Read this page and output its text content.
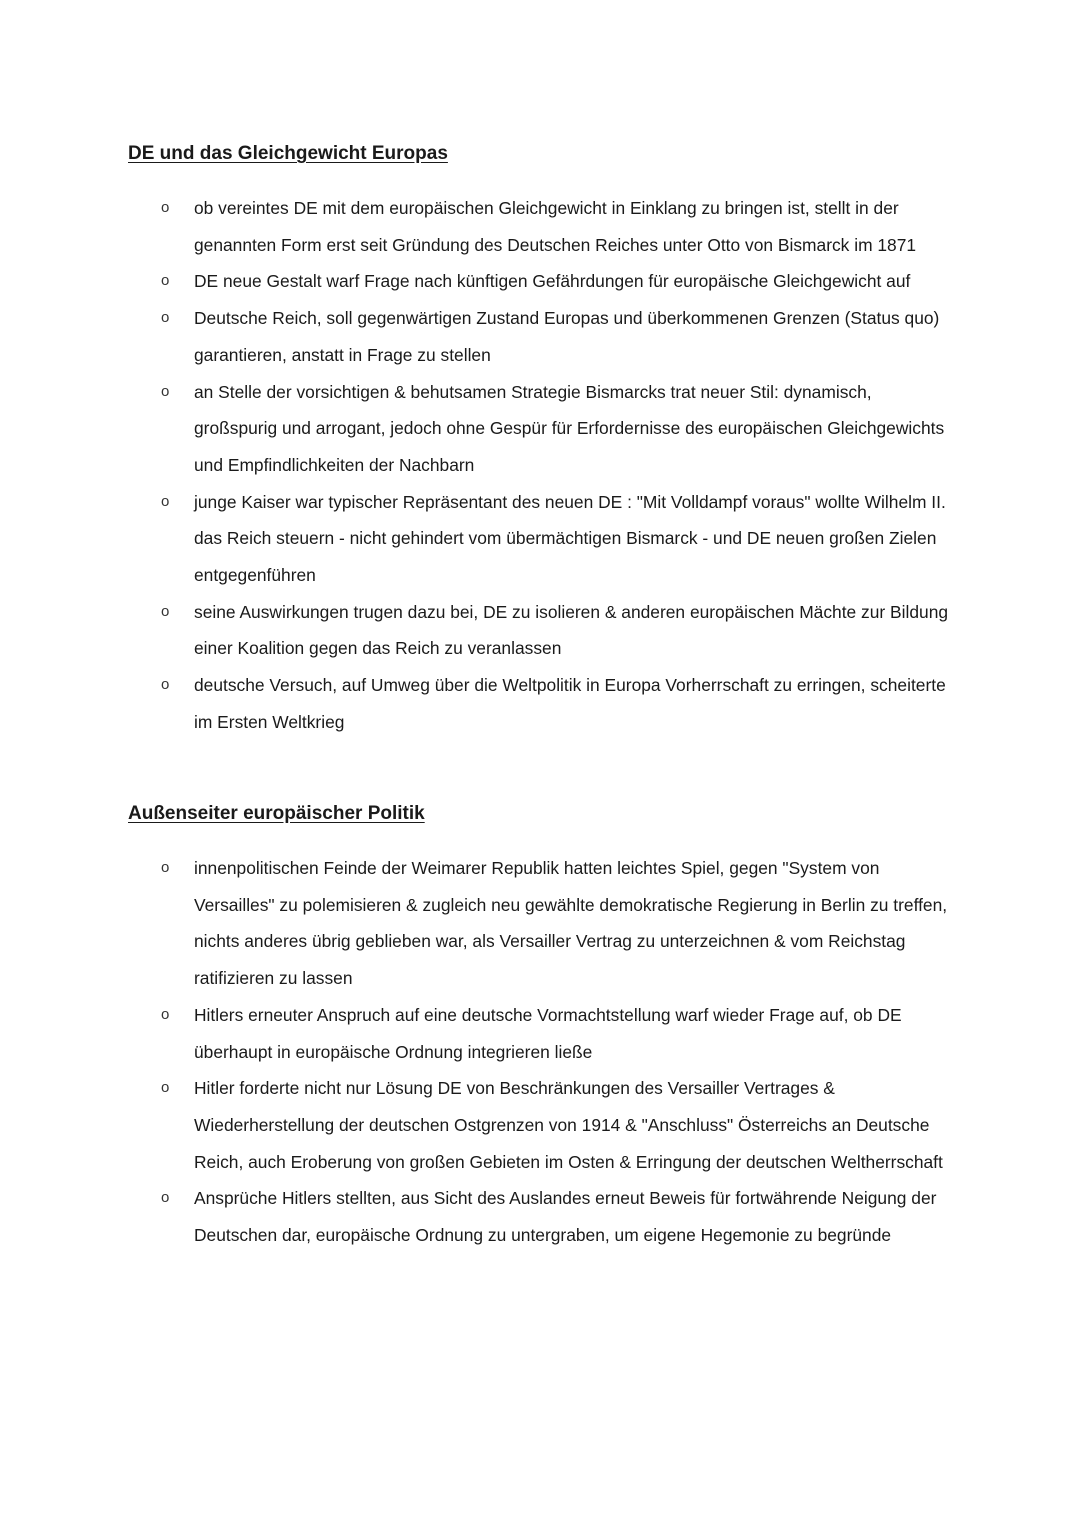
DE und das Gleichgewicht Europas
o ob vereintes DE mit dem europäischen Gleichgewicht in Einklang zu bringen ist, stellt in der genannten Form erst seit Gründung des Deutschen Reiches unter Otto von Bismarck im 1871
o DE neue Gestalt warf Frage nach künftigen Gefährdungen für europäische Gleichgewicht auf
o Deutsche Reich, soll gegenwärtigen Zustand Europas und überkommenen Grenzen (Status quo) garantieren, anstatt in Frage zu stellen
o an Stelle der vorsichtigen & behutsamen Strategie Bismarcks trat neuer Stil: dynamisch, großspurig und arrogant, jedoch ohne Gespür für Erfordernisse des europäischen Gleichgewichts und Empfindlichkeiten der Nachbarn
o junge Kaiser war typischer Repräsentant des neuen DE : "Mit Volldampf voraus" wollte Wilhelm II. das Reich steuern - nicht gehindert vom übermächtigen Bismarck - und DE neuen großen Zielen entgegenführen
o seine Auswirkungen trugen dazu bei, DE zu isolieren & anderen europäischen Mächte zur Bildung einer Koalition gegen das Reich zu veranlassen
o deutsche Versuch, auf Umweg über die Weltpolitik in Europa Vorherrschaft zu erringen, scheiterte im Ersten Weltkrieg
Außenseiter europäischer Politik
o innenpolitischen Feinde der Weimarer Republik hatten leichtes Spiel, gegen "System von Versailles" zu polemisieren & zugleich neu gewählte demokratische Regierung in Berlin zu treffen, nichts anderes übrig geblieben war, als Versailler Vertrag zu unterzeichnen & vom Reichstag ratifizieren zu lassen
o Hitlers erneuter Anspruch auf eine deutsche Vormachtstellung warf wieder Frage auf, ob DE überhaupt in europäische Ordnung integrieren ließe
o Hitler forderte nicht nur Lösung DE von Beschränkungen des Versailler Vertrages & Wiederherstellung der deutschen Ostgrenzen von 1914 & "Anschluss" Österreichs an Deutsche Reich, auch Eroberung von großen Gebieten im Osten & Erringung der deutschen Weltherrschaft
o Ansprüche Hitlers stellten, aus Sicht des Auslandes erneut Beweis für fortwährende Neigung der Deutschen dar, europäische Ordnung zu untergraben, um eigene Hegemonie zu begründe
